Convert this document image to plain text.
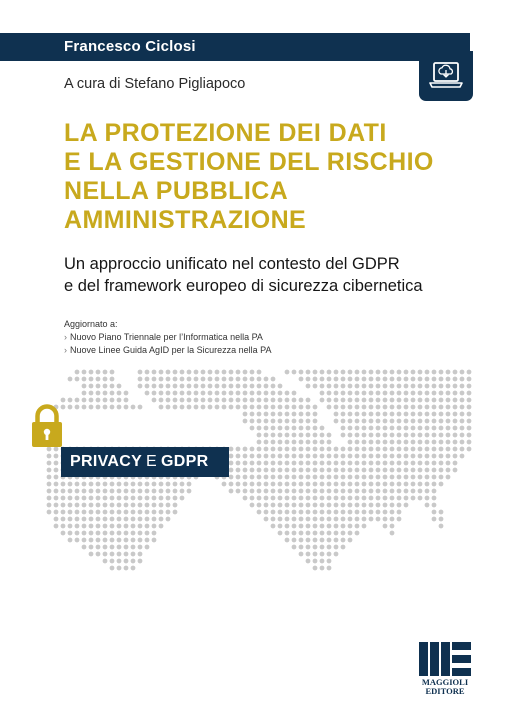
Francesco Ciclosi
A cura di Stefano Pigliapoco
LA PROTEZIONE DEI DATI
E LA GESTIONE DEL RISCHIO
NELLA PUBBLICA
AMMINISTRAZIONE
Un approccio unificato nel contesto del GDPR
e del framework europeo di sicurezza cibernetica
Aggiornato a:
› Nuovo Piano Triennale per l’Informatica nella PA
› Nuove Linee Guida AgID per la Sicurezza nella PA
PRIVACY E GDPR
MAGGIOLI
EDITORE
